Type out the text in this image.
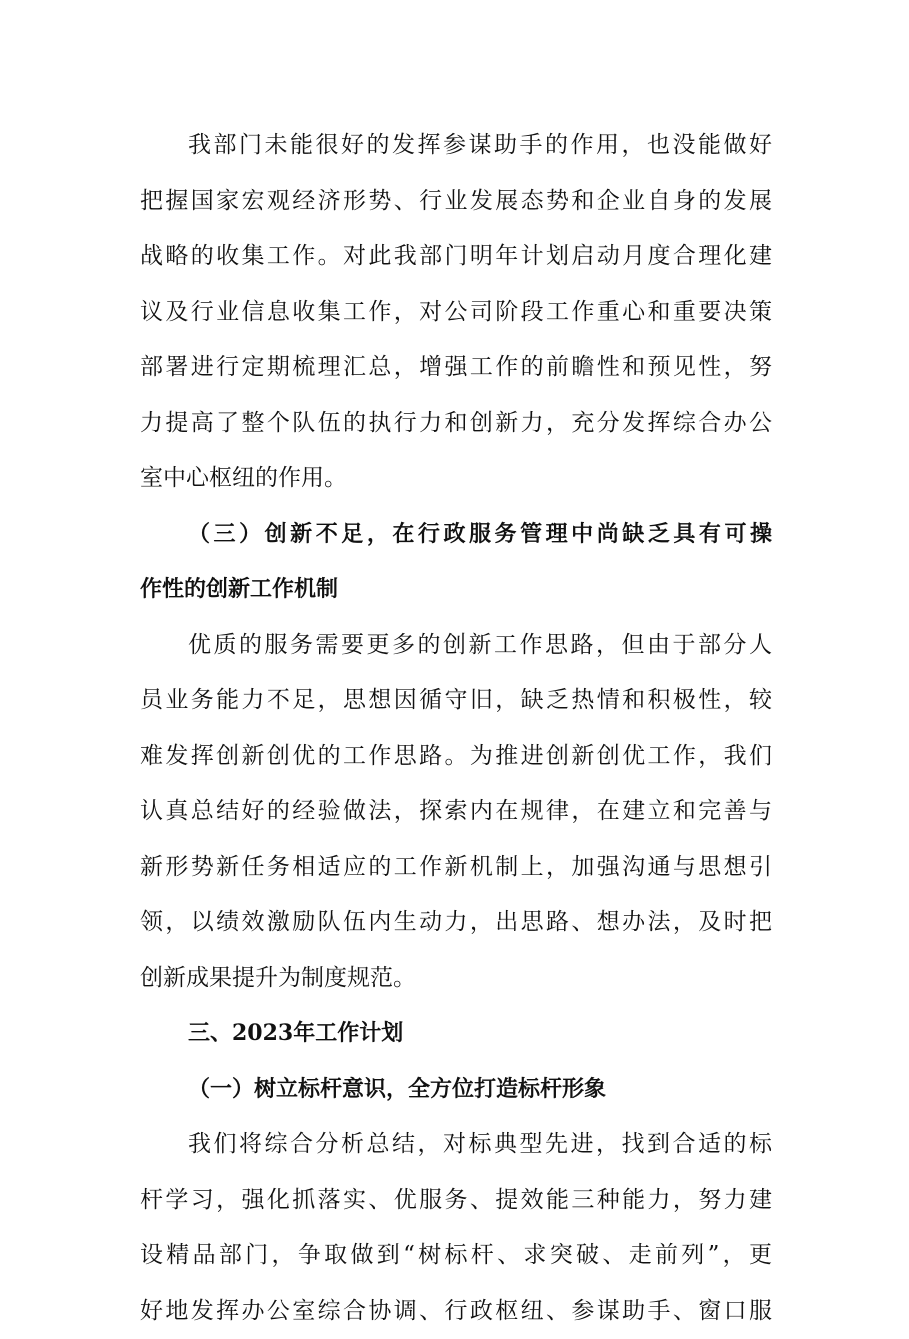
我部门未能很好的发挥参谋助手的作用，也没能做好
把握国家宏观经济形势、行业发展态势和企业自身的发展
战略的收集工作。对此我部门明年计划启动月度合理化建
议及行业信息收集工作，对公司阶段工作重心和重要决策
部署进行定期梳理汇总，增强工作的前瞻性和预见性，努
力提高了整个队伍的执行力和创新力，充分发挥综合办公
室中心枢纽的作用。
（三）创新不足，在行政服务管理中尚缺乏具有可操
作性的创新工作机制
优质的服务需要更多的创新工作思路，但由于部分人
员业务能力不足，思想因循守旧，缺乏热情和积极性，较
难发挥创新创优的工作思路。为推进创新创优工作，我们
认真总结好的经验做法，探索内在规律，在建立和完善与
新形势新任务相适应的工作新机制上，加强沟通与思想引
领，以绩效激励队伍内生动力，出思路、想办法，及时把
创新成果提升为制度规范。
三、2023年工作计划
（一）树立标杆意识，全方位打造标杆形象
我们将综合分析总结，对标典型先进，找到合适的标
杆学习，强化抓落实、优服务、提效能三种能力，努力建
设精品部门，争取做到“树标杆、求突破、走前列”，更
好地发挥办公室综合协调、行政枢纽、参谋助手、窗口服
